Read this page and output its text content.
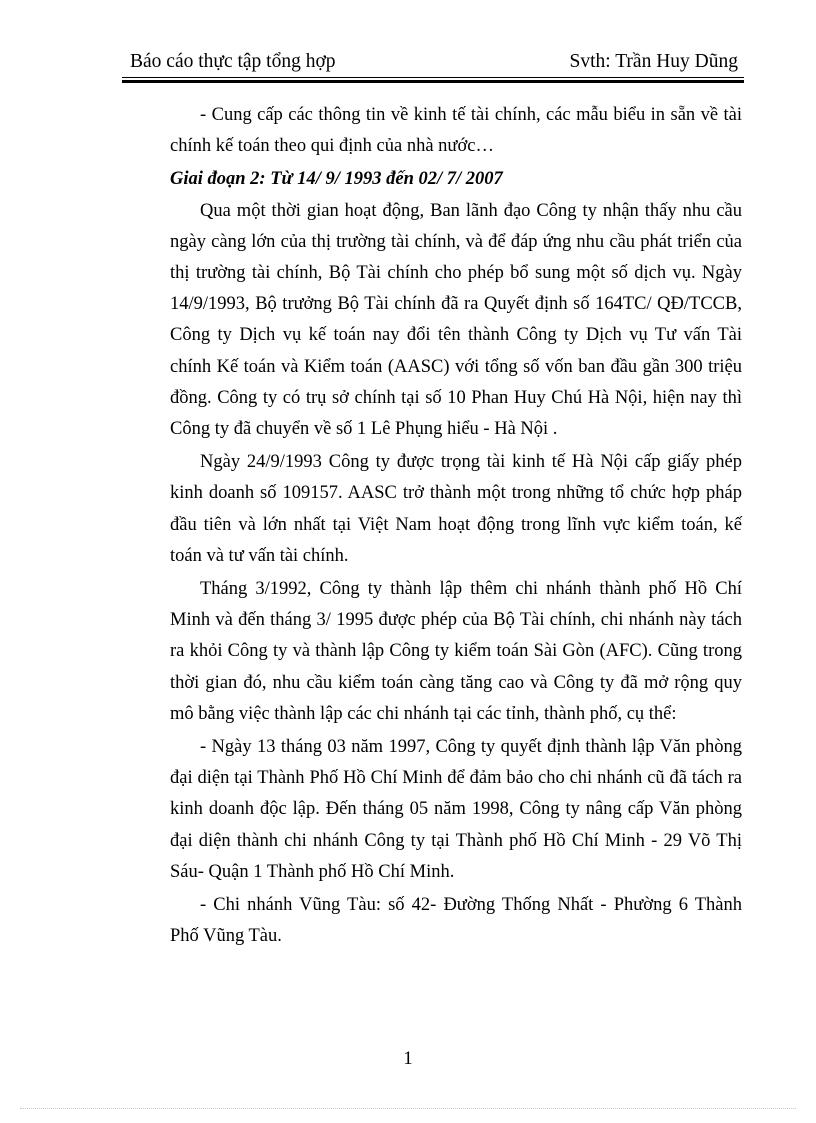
Báo cáo thực tập tổng hợp	Svth: Trần Huy Dũng

- Cung cấp các thông tin về kinh tế tài chính, các mẫu biểu in sẵn về tài chính kế toán theo qui định của nhà nước…

Giai đoạn 2: Từ 14/ 9/ 1993 đến 02/ 7/ 2007

Qua một thời gian hoạt động, Ban lãnh đạo Công ty nhận thấy nhu cầu ngày càng lớn của thị trường tài chính, và để đáp ứng nhu cầu phát triển của thị trường tài chính, Bộ Tài chính cho phép bổ sung một số dịch vụ. Ngày 14/9/1993, Bộ trưởng Bộ Tài chính đã ra Quyết định số 164TC/ QĐ/TCCB, Công ty Dịch vụ kế toán nay đổi tên thành Công ty Dịch vụ Tư vấn Tài chính Kế toán và Kiểm toán (AASC) với tổng số vốn ban đầu gần 300 triệu đồng. Công ty có trụ sở chính tại số 10 Phan Huy Chú Hà Nội, hiện nay thì Công ty đã chuyển về số 1 Lê Phụng hiểu - Hà Nội .

Ngày 24/9/1993 Công ty được trọng tài kinh tế Hà Nội cấp giấy phép kinh doanh số 109157. AASC trở thành một trong những tổ chức hợp pháp đầu tiên và lớn nhất tại Việt Nam hoạt động trong lĩnh vực kiểm toán, kế toán và tư vấn tài chính.

Tháng 3/1992, Công ty thành lập thêm chi nhánh thành phố Hồ Chí Minh và đến tháng 3/ 1995 được phép của Bộ Tài chính, chi nhánh này tách ra khỏi Công ty và thành lập Công ty kiểm toán Sài Gòn (AFC). Cũng trong thời gian đó, nhu cầu kiểm toán càng tăng cao và Công ty đã mở rộng quy mô bằng việc thành lập các chi nhánh tại các tỉnh, thành phố, cụ thể:

- Ngày 13 tháng 03 năm 1997, Công ty quyết định thành lập Văn phòng đại diện tại Thành Phố Hồ Chí Minh để đảm bảo cho chi nhánh cũ đã tách ra kinh doanh độc lập. Đến tháng 05 năm 1998, Công ty nâng cấp Văn phòng đại diện thành chi nhánh Công ty tại Thành phố Hồ Chí Minh - 29 Võ Thị Sáu- Quận 1 Thành phố Hồ Chí Minh.

- Chi nhánh Vũng Tàu: số 42- Đường Thống Nhất - Phường 6 Thành Phố Vũng Tàu.

1
